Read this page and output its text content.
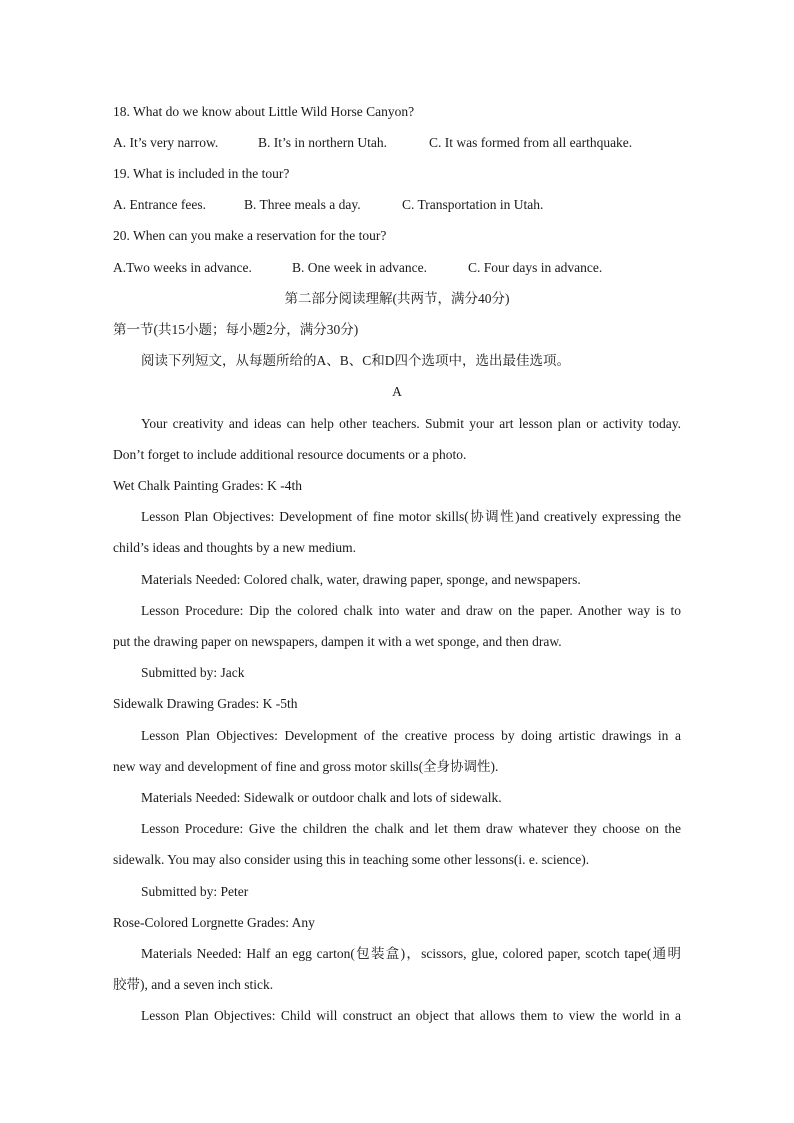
18. What do we know about Little Wild Horse Canyon?
A. It’s very narrow.	B. It’s in northern Utah.	C. It was formed from all earthquake.
19. What is included in the tour?
A. Entrance fees.	B. Three meals a day.	C. Transportation in Utah.
20. When can you make a reservation for the tour?
A.Two weeks in advance.	B. One week in advance.	C. Four days in advance.
第二部分阅读理解(共两节，满分40分)
第一节(共15小题；每小题2分，满分30分)
阅读下列短文，从每题所给的A、B、C和D四个选项中，选出最佳选项。
A
Your creativity and ideas can help other teachers. Submit your art lesson plan or activity today.
Don’t forget to include additional resource documents or a photo.
Wet Chalk Painting Grades: K -4th
Lesson Plan Objectives: Development of fine motor skills(协调性)and creatively expressing the
child’s ideas and thoughts by a new medium.
Materials Needed: Colored chalk, water, drawing paper, sponge, and newspapers.
Lesson Procedure: Dip the colored chalk into water and draw on the paper. Another way is to
put the drawing paper on newspapers, dampen it with a wet sponge, and then draw.
Submitted by: Jack
Sidewalk Drawing Grades: K -5th
Lesson Plan Objectives: Development of the creative process by doing artistic drawings in a
new way and development of fine and gross motor skills(全身协调性).
Materials Needed: Sidewalk or outdoor chalk and lots of sidewalk.
Lesson Procedure: Give the children the chalk and let them draw whatever they choose on the
sidewalk. You may also consider using this in teaching some other lessons(i. e. science).
Submitted by: Peter
Rose-Colored Lorgnette Grades: Any
Materials Needed: Half an egg carton(包装盒)，scissors, glue, colored paper, scotch tape(通明
胶带), and a seven inch stick.
Lesson Plan Objectives: Child will construct an object that allows them to view the world in a
